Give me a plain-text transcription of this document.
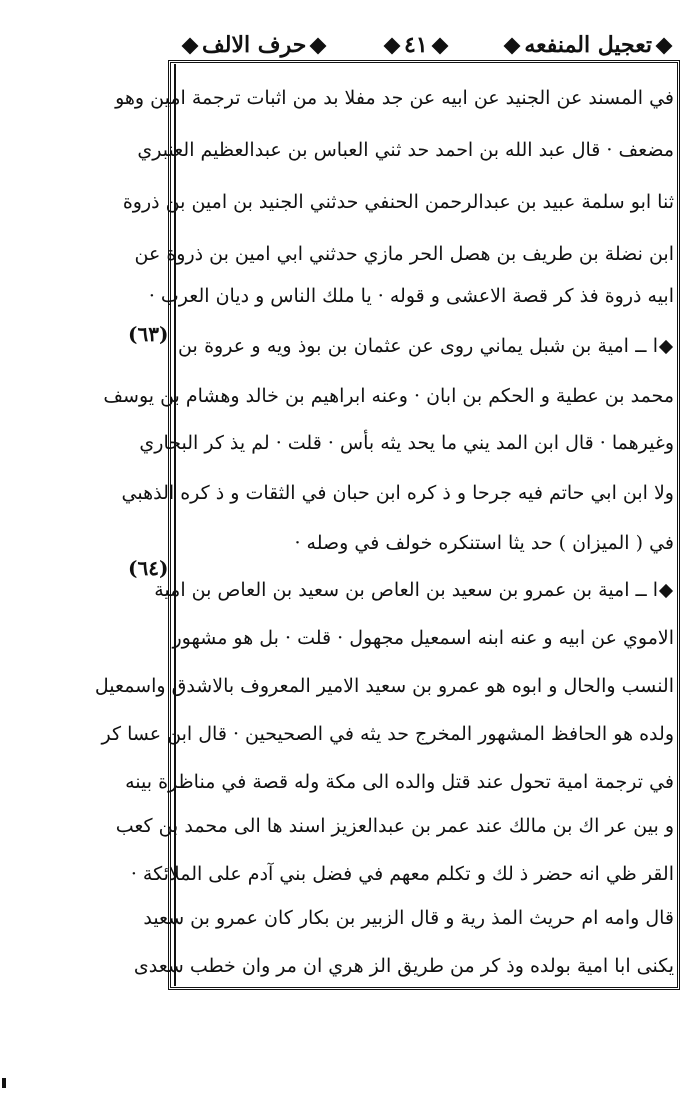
تعجيل المنفعه
٤١
حرف الالف
في المسند عن الجنيد عن ابيه عن جد مفلا بد من اثبات ترجمة امين وهو
مضعف · قال عبد الله بن احمد حد ثني العباس بن عبدالعظيم العنبري
ثنا ابو سلمة عبيد بن عبدالرحمن الحنفي حدثني الجنيد بن امين بن ذروة
ابن نضلة بن طريف بن هصل الحر مازي حدثني ابي امين بن ذروة عن
ابيه ذروة فذ كر قصة الاعشى و قوله · يا ملك الناس و ديان العرب ·
ا ــ امية بن شبل يماني روى عن عثمان بن بوذ ويه و عروة بن
محمد بن عطية و الحكم بن ابان · وعنه ابراهيم بن خالد وهشام بن يوسف
وغيرهما · قال ابن المد يني ما يحد يثه بأس · قلت · لم يذ كر البخاري
ولا ابن ابي حاتم فيه جرحا و ذ كره ابن حبان في الثقات و ذ كره الذهبي
في ( الميزان ) حد يثا استنكره خولف في وصله ·
ا ــ امية بن عمرو بن سعيد بن العاص بن سعيد بن العاص بن امية
الاموي عن ابيه و عنه ابنه اسمعيل مجهول · قلت · بل هو مشهور
النسب والحال و ابوه هو عمرو بن سعيد الامير المعروف بالاشدق واسمعيل
ولده هو الحافظ المشهور المخرج حد يثه في الصحيحين · قال ابن عسا كر
في ترجمة امية تحول عند قتل والده الى مكة وله قصة في مناظرة بينه
و بين عر اك بن مالك عند عمر بن عبدالعزيز اسند ها الى محمد بن كعب
القر ظي انه حضر ذ لك و تكلم معهم في فضل بني آدم على الملائكة ·
قال وامه ام حريث المذ رية و قال الزبير بن بكار كان عمرو بن سعيد
يكنى ابا امية بولده وذ كر من طريق الز هري ان مر وان خطب سعدى
(٦٣)
(٦٤)
